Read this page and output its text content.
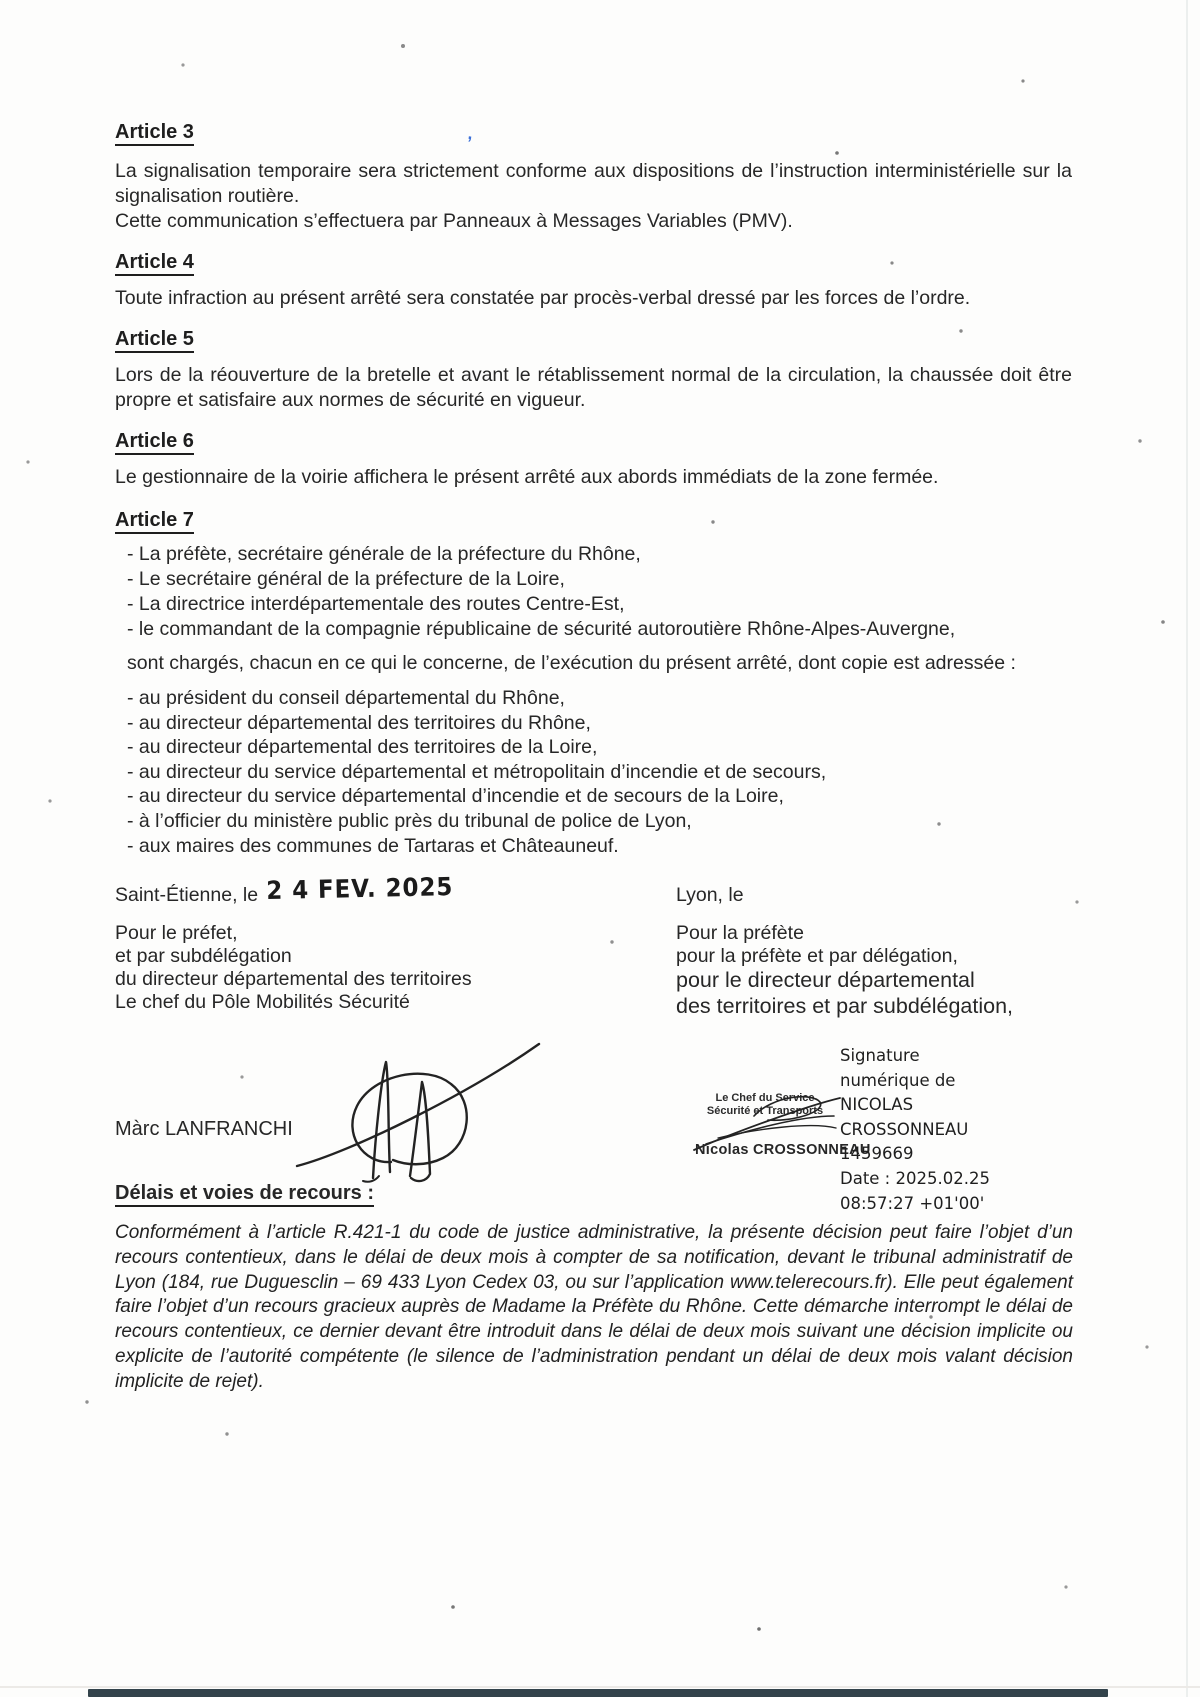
Article 3

La signalisation temporaire sera strictement conforme aux dispositions de l’instruction interministérielle sur la signalisation routière.

Cette communication s’effectuera par Panneaux à Messages Variables (PMV).

Article 4

Toute infraction au présent arrêté sera constatée par procès-verbal dressé par les forces de l’ordre.

Article 5

Lors de la réouverture de la bretelle et avant le rétablissement normal de la circulation, la chaussée doit être propre et satisfaire aux normes de sécurité en vigueur.

Article 6

Le gestionnaire de la voirie affichera le présent arrêté aux abords immédiats de la zone fermée.

Article 7
- La préfète, secrétaire générale de la préfecture du Rhône,
- Le secrétaire général de la préfecture de la Loire,
- La directrice interdépartementale des routes Centre-Est,
- le commandant de la compagnie républicaine de sécurité autoroutière Rhône-Alpes-Auvergne,

sont chargés, chacun en ce qui le concerne, de l’exécution du présent arrêté, dont copie est adressée :

- au président du conseil départemental du Rhône,
- au directeur départemental des territoires du Rhône,
- au directeur départemental des territoires de la Loire,
- au directeur du service départemental et métropolitain d’incendie et de secours,
- au directeur du service départemental d’incendie et de secours de la Loire,
- à l’officier du ministère public près du tribunal de police de Lyon,
- aux maires des communes de Tartaras et Châteauneuf.
Saint-Étienne, le 2 4 FEV. 2025	Lyon, le
Pour le préfet,
et par subdélégation
du directeur départemental des territoires
Le chef du Pôle Mobilités Sécurité
Pour la préfète
pour la préfète et par délégation,
pour le directeur départemental
des territoires et par subdélégation,
Màrc LANFRANCHI
Le Chef du Service
Sécurité et Transports
Nicolas CROSSONNEAU
Signature
numérique de
NICOLAS
CROSSONNEAU
1459669
Date : 2025.02.25
08:57:27 +01'00'
Délais et voies de recours :
Conformément à l’article R.421-1 du code de justice administrative, la présente décision peut faire l’objet d’un recours contentieux, dans le délai de deux mois à compter de sa notification, devant le tribunal administratif de Lyon (184, rue Duguesclin – 69 433 Lyon Cedex 03, ou sur l’application www.telerecours.fr). Elle peut également faire l’objet d’un recours gracieux auprès de Madame la Préfète du Rhône. Cette démarche interrompt le délai de recours contentieux, ce dernier devant être introduit dans le délai de deux mois suivant une décision implicite ou explicite de l’autorité compétente (le silence de l’administration pendant un délai de deux mois valant décision implicite de rejet).
,
